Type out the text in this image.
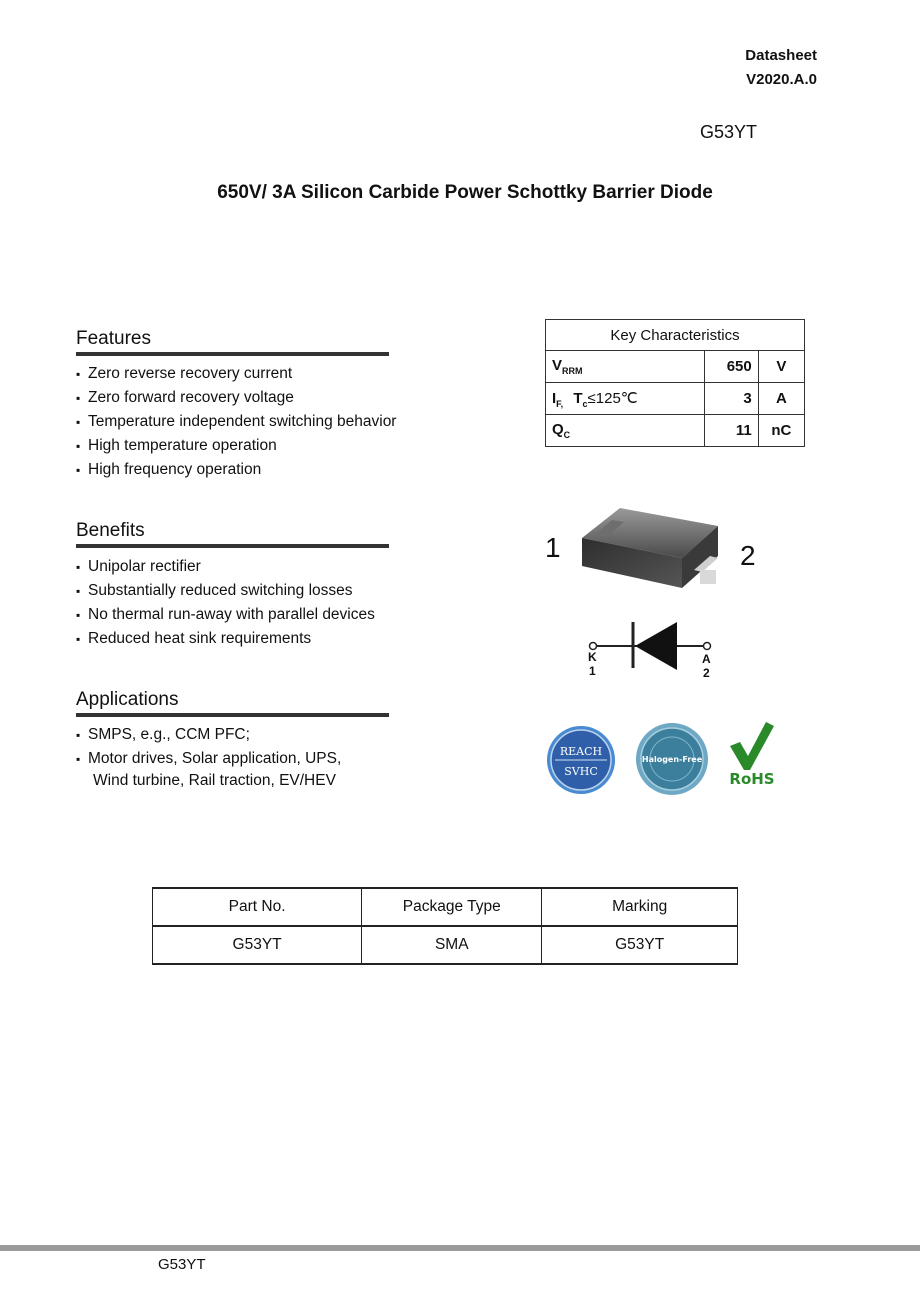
Datasheet
V2020.A.0
G53YT
650V/ 3A Silicon Carbide Power Schottky Barrier Diode
Features
▪ Zero reverse recovery current
▪ Zero forward recovery voltage
▪ Temperature independent switching behavior
▪ High temperature operation
▪ High frequency operation
Benefits
▪ Unipolar rectifier
▪ Substantially reduced switching losses
▪ No thermal run-away with parallel devices
▪ Reduced heat sink requirements
Applications
▪ SMPS, e.g., CCM PFC;
▪ Motor drives, Solar application, UPS,
Wind turbine, Rail traction, EV/HEV
Key Characteristics		
$V_{RRM}$	650	V
$I_{F,}$ $T_c\le 125℃$	3	A
$Q_C$	11	nC
1	2
K
1
A
2
REACH
SVHC
Halogen-Free
RoHS
Part No.	Package Type	Marking
G53YT	SMA	G53YT
G53YT
